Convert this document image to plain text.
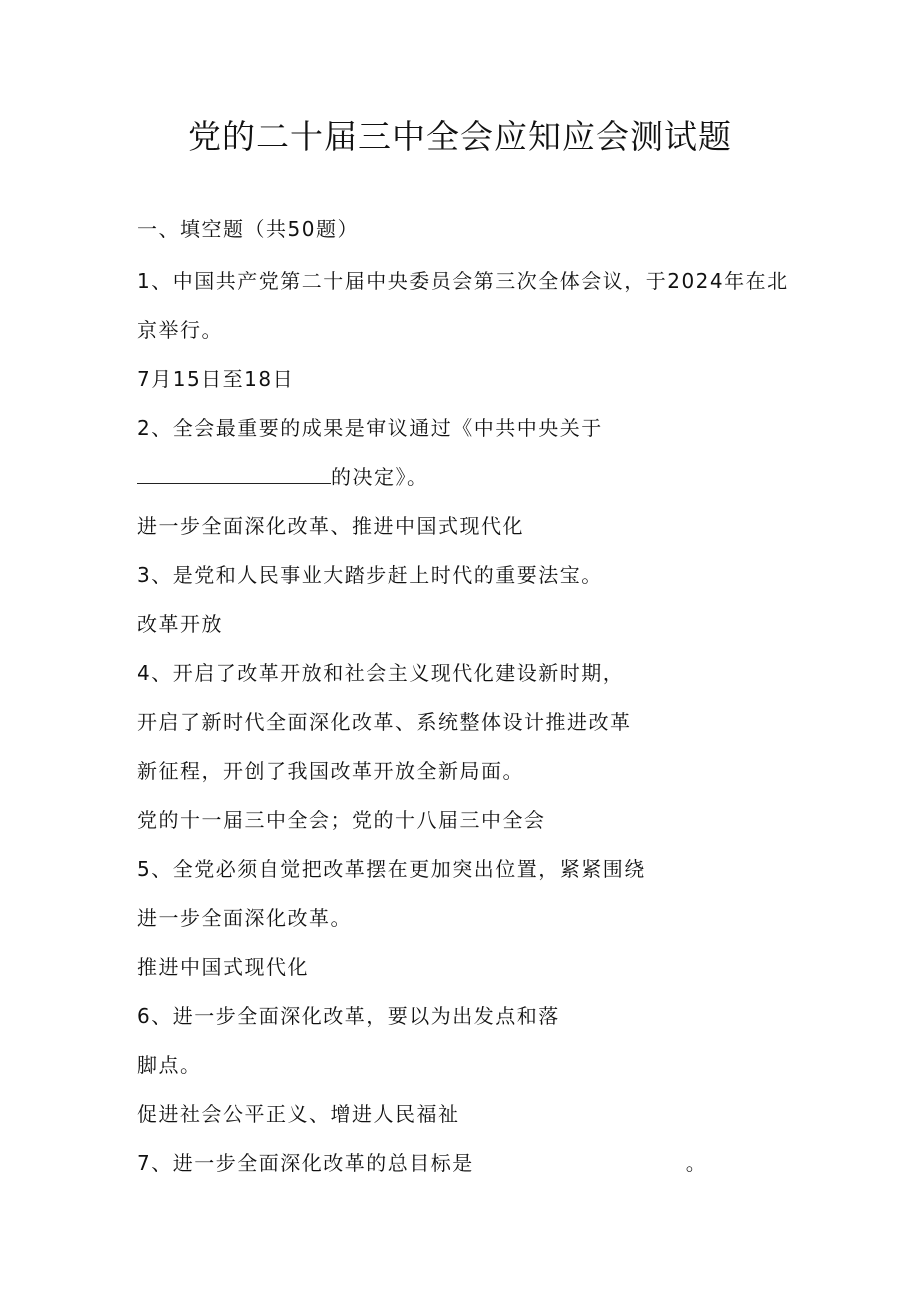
党的二十届三中全会应知应会测试题
一、填空题（共50题）
1、中国共产党第二十届中央委员会第三次全体会议，于2024年在北
京举行。
7月15日至18日
2、全会最重要的成果是审议通过《中共中央关于
的决定》。
进一步全面深化改革、推进中国式现代化
3、是党和人民事业大踏步赶上时代的重要法宝。
改革开放
4、开启了改革开放和社会主义现代化建设新时期，
开启了新时代全面深化改革、系统整体设计推进改革
新征程，开创了我国改革开放全新局面。
党的十一届三中全会；党的十八届三中全会
5、全党必须自觉把改革摆在更加突出位置，紧紧围绕
进一步全面深化改革。
推进中国式现代化
6、进一步全面深化改革，要以为出发点和落
脚点。
促进社会公平正义、增进人民福祉
7、进一步全面深化改革的总目标是	。
